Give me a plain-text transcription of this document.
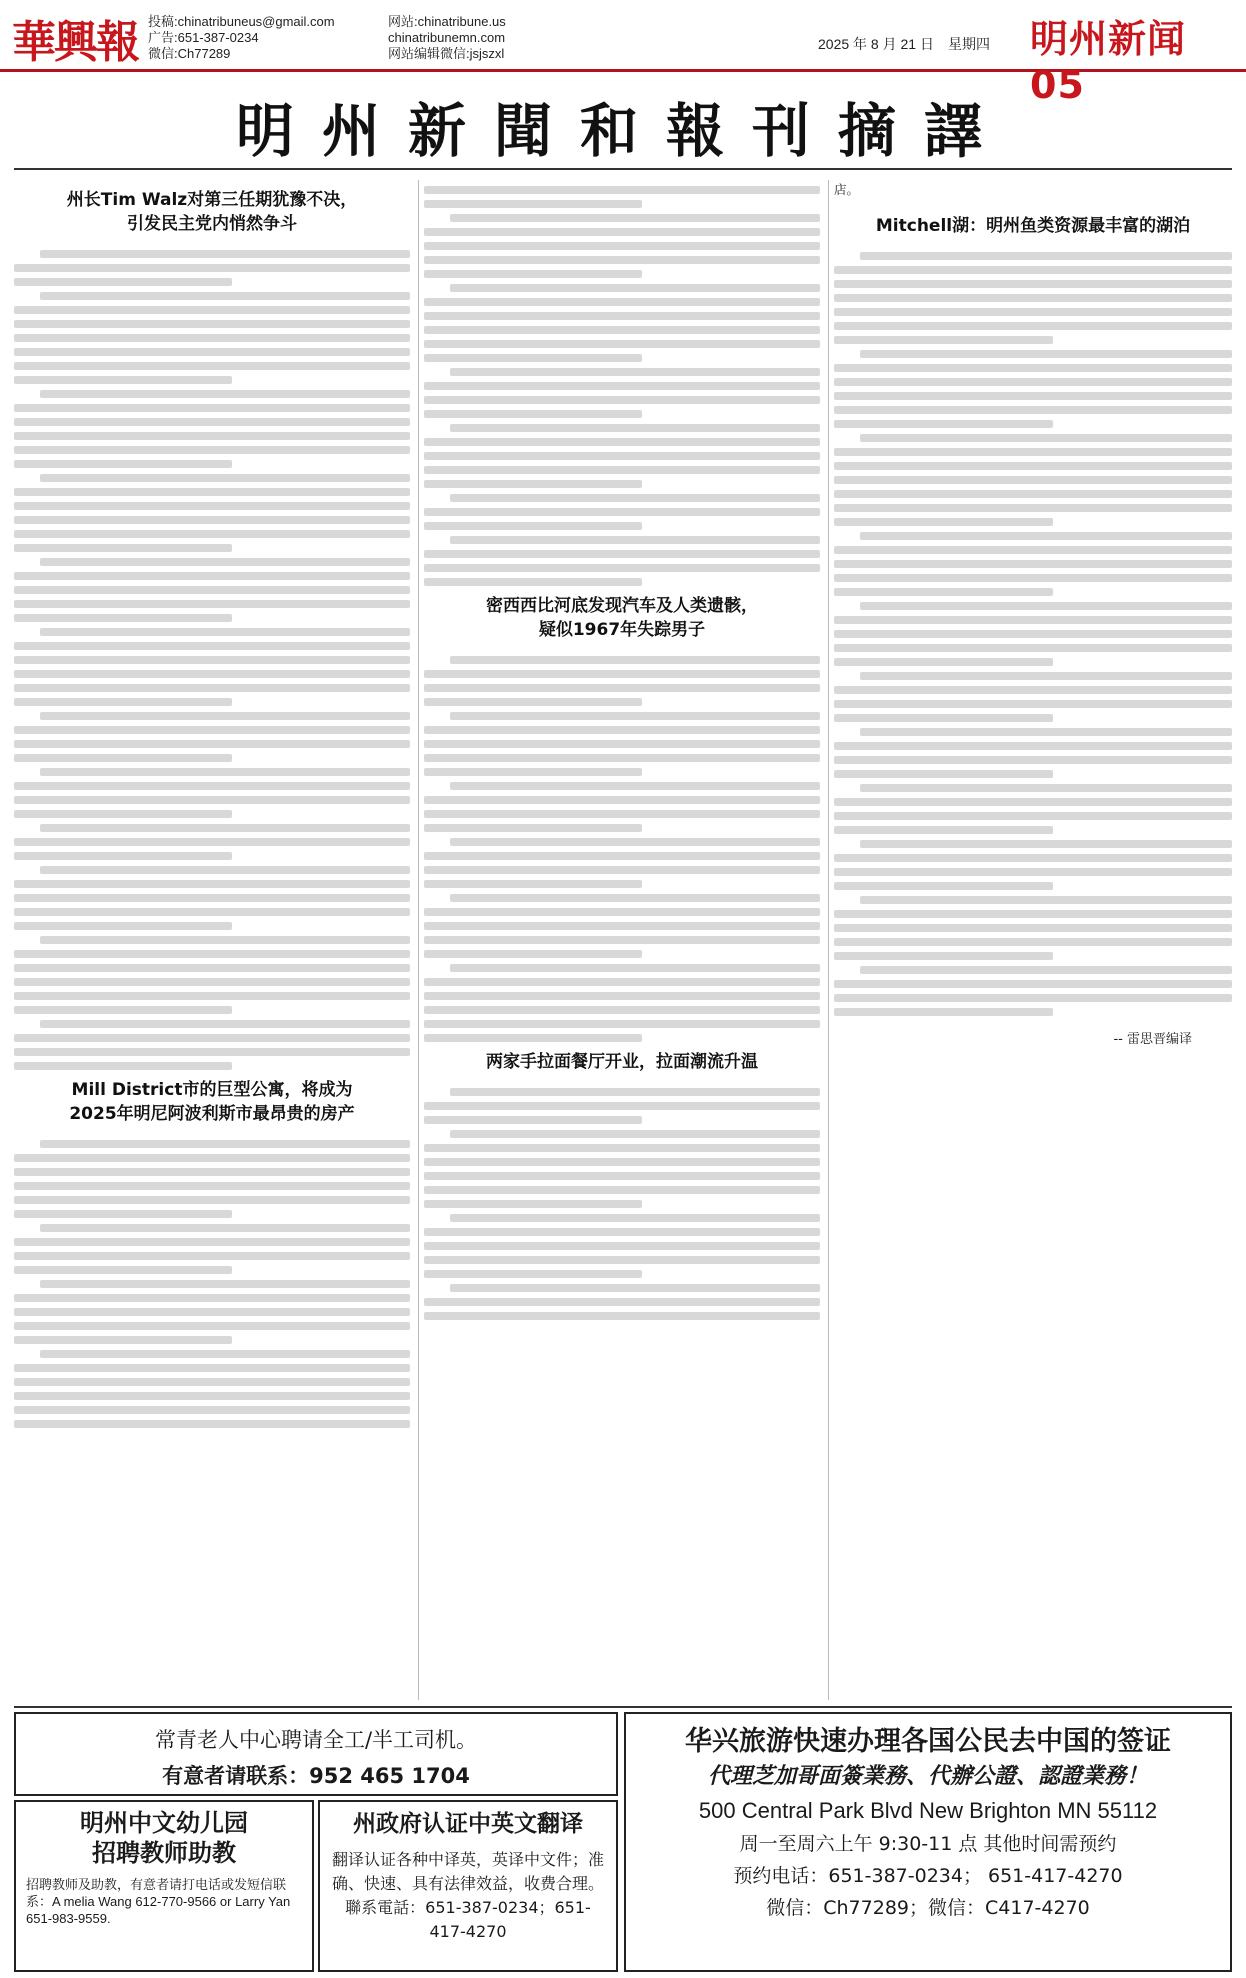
華興報 投稿:chinatribuneus@gmail.com
广告:651-387-0234
微信:Ch77289
网站:chinatribune.us
chinatribunemn.com
网站编辑微信:jsjszxl
2025 年 8 月 21 日　星期四 明州新闻 05
明州新聞和報刊摘譯
州长Tim Walz对第三任期犹豫不决，
引发民主党内悄然争斗
Mill District市的巨型公寓，将成为
2025年明尼阿波利斯市最昂贵的房产
密西西比河底发现汽车及人类遗骸，
疑似1967年失踪男子
两家手拉面餐厅开业，拉面潮流升温
店。
Mitchell湖：明州鱼类资源最丰富的湖泊
-- 雷思晋编译
常青老人中心聘请全工/半工司机。
有意者请联系：952 465 1704
明州中文幼儿园
招聘教师助教
招聘教师及助教，有意者请打电话或发短信联系：A melia Wang 612-770-9566 or Larry Yan 651-983-9559.
州政府认证中英文翻译
翻译认证各种中译英，英译中文件；准确、快速、具有法律效益，收费合理。聯系電話：651-387-0234；651-417-4270
华兴旅游快速办理各国公民去中国的签证
代理芝加哥面簽業務、代辦公證、認證業務！
500 Central Park Blvd New Brighton MN 55112
周一至周六上午 9:30-11 点 其他时间需预约
预约电话：651-387-0234； 651-417-4270
微信：Ch77289；微信：C417-4270
